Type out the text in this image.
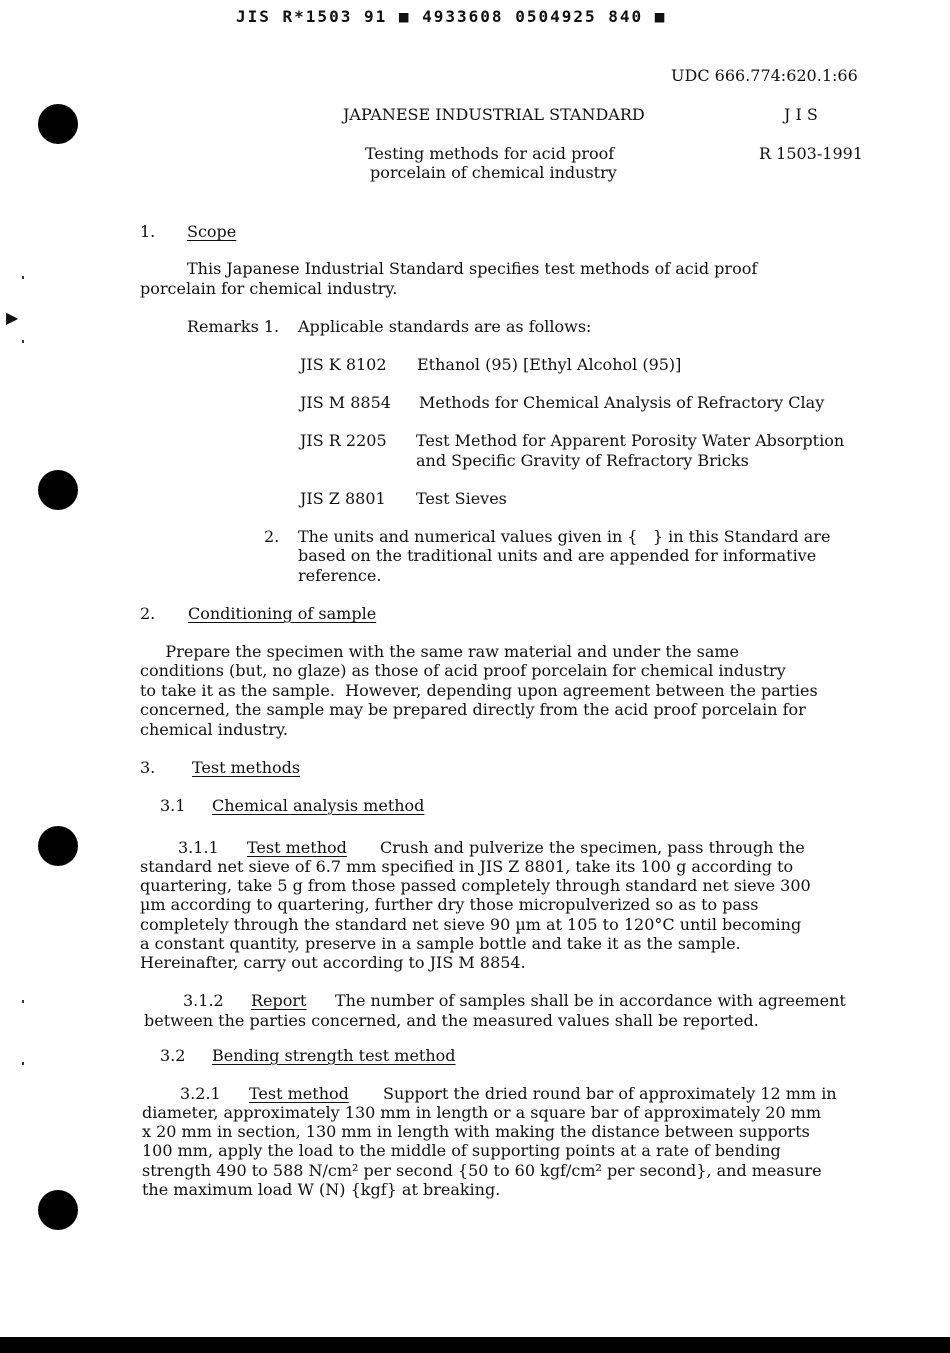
JIS R*1503 91 ■ 4933608 0504925 840 ■
▶
UDC 666.774:620.1:66
JAPANESE INDUSTRIAL STANDARD	J I S
Testing methods for acid proof
porcelain of chemical industry
R 1503-1991
1. Scope
This Japanese Industrial Standard specifies test methods of acid proof
porcelain for chemical industry.
Remarks 1. Applicable standards are as follows:
JIS K 8102 Ethanol (95) [Ethyl Alcohol (95)]
JIS M 8854 Methods for Chemical Analysis of Refractory Clay
JIS R 2205 Test Method for Apparent Porosity Water Absorption
and Specific Gravity of Refractory Bricks
JIS Z 8801 Test Sieves
2. The units and numerical values given in {   } in this Standard are
based on the traditional units and are appended for informative
reference.
2. Conditioning of sample
Prepare the specimen with the same raw material and under the same
conditions (but, no glaze) as those of acid proof porcelain for chemical industry
to take it as the sample.  However, depending upon agreement between the parties
concerned, the sample may be prepared directly from the acid proof porcelain for
chemical industry.
3. Test methods
3.1 Chemical analysis method
3.1.1 Test method Crush and pulverize the specimen, pass through the
standard net sieve of 6.7 mm specified in JIS Z 8801, take its 100 g according to
quartering, take 5 g from those passed completely through standard net sieve 300
µm according to quartering, further dry those micropulverized so as to pass
completely through the standard net sieve 90 µm at 105 to 120°C until becoming
a constant quantity, preserve in a sample bottle and take it as the sample.
Hereinafter, carry out according to JIS M 8854.
3.1.2 Report The number of samples shall be in accordance with agreement
between the parties concerned, and the measured values shall be reported.
3.2 Bending strength test method
3.2.1 Test method Support the dried round bar of approximately 12 mm in
diameter, approximately 130 mm in length or a square bar of approximately 20 mm
x 20 mm in section, 130 mm in length with making the distance between supports
100 mm, apply the load to the middle of supporting points at a rate of bending
strength 490 to 588 N/cm² per second {50 to 60 kgf/cm² per second}, and measure
the maximum load W (N) {kgf} at breaking.
